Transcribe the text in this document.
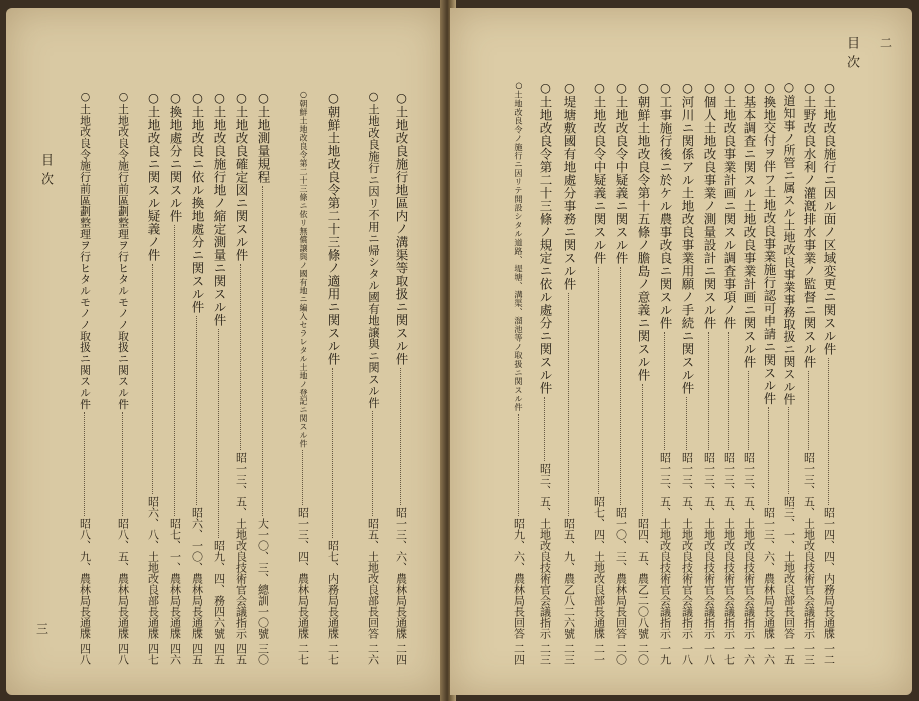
目次
三
○ 土地改良施行地區内ノ溝渠等取扱ニ関スル件
昭一三、六、農林局長通牒
二四
○ 土地改良施行ニ因リ不用ニ帰シタル國有地譲與ニ関スル件
昭五、土地改良部長回答
二六
○ 朝鮮土地改良令第二十三條ノ適用ニ関スル件
昭七、内務局長通牒
二七
○ 朝鮮土地改良令第二十三條ニ依リ無償譲與ノ國有地ニ編入セラレタル土地ノ登記ニ関スル件
昭一三、四、農林局長通牒
二七
○ 土地測量規程
大一〇、三、總訓一〇號
三〇
○ 土地改良確定図ニ関スル件
昭一三、五、土地改良技術官会議指示
四五
○ 土地改良施行地ノ縮定測量ニ関スル件
昭九、四、務四六號
四五
○ 土地改良ニ依ル換地處分ニ関スル件
昭六、一〇、農林局長通牒
四五
○ 換地處分ニ関スル件
昭七、一、農林局長通牒
四六
○ 土地改良ニ関スル疑義ノ件
昭六、八、土地改良部長通牒
四七
○ 土地改良令施行前區劃整理ヲ行ヒタルモノノ取扱ニ関スル件
昭八、五、農林局長通牒
四八
○ 土地改良令施行前區劃整理ヲ行ヒタルモノノ取扱ニ関スル件
昭八、九、農林局長通牒
四八
目次 二
○ 土地改良施行ニ因ル面ノ区域変更ニ関スル件
昭一四、四、内務局長通牒
一二
○ 土野改良水利ノ灌漑排水事業ノ監督ニ関スル件
昭一三、五、土地改良技術官会議指示
一三
○ 道知事ノ所管ニ属スル土地改良事業事務取扱ニ関スル件
昭三、一、土地改良部長回答
一五
○ 換地交付ヲ伴フ土地改良事業施行認可申請ニ関スル件
昭一三、六、農林局長通牒
一六
○ 基本調査ニ関スル土地改良事業計画ニ関スル件
昭一三、五、土地改良技術官会議指示
一六
○ 土地改良事業計画ニ関スル調査事項ノ件
昭一三、五、土地改良技術官会議指示
一七
○ 個人土地改良事業ノ測量設計ニ関スル件
昭一三、五、土地改良技術官会議指示
一八
○ 河川ニ関係アル土地改良事業用願ノ手続ニ関スル件
昭一三、五、土地改良技術官会議指示
一八
○ 工事施行後ニ於ケル農事改良ニ関スル件
昭一三、五、土地改良技術官会議指示
一九
○ 朝鮮土地改良令第十五條ノ膽島ノ意義ニ関スル件
昭四、五、農乙二〇八號
二〇
○ 土地改良令中疑義ニ関スル件
昭一〇、三、農林局長回答
二〇
○ 土地改良令中疑義ニ関スル件
昭七、四、土地改良部長通牒
二一
○ 堤塘敷國有地處分事務ニ関スル件
昭五、九、農乙八二六號
二三
○ 土地改良令第二十三條ノ規定ニ依ル處分ニ関スル件
昭三、五、土地改良技術官会議指示
二三
○ 土地改良令ノ施行ニ因リテ開設シタル道路、堤塘、溝渠、溜池等ノ取扱ニ関スル件
昭九、六、農林局長回答
二四
